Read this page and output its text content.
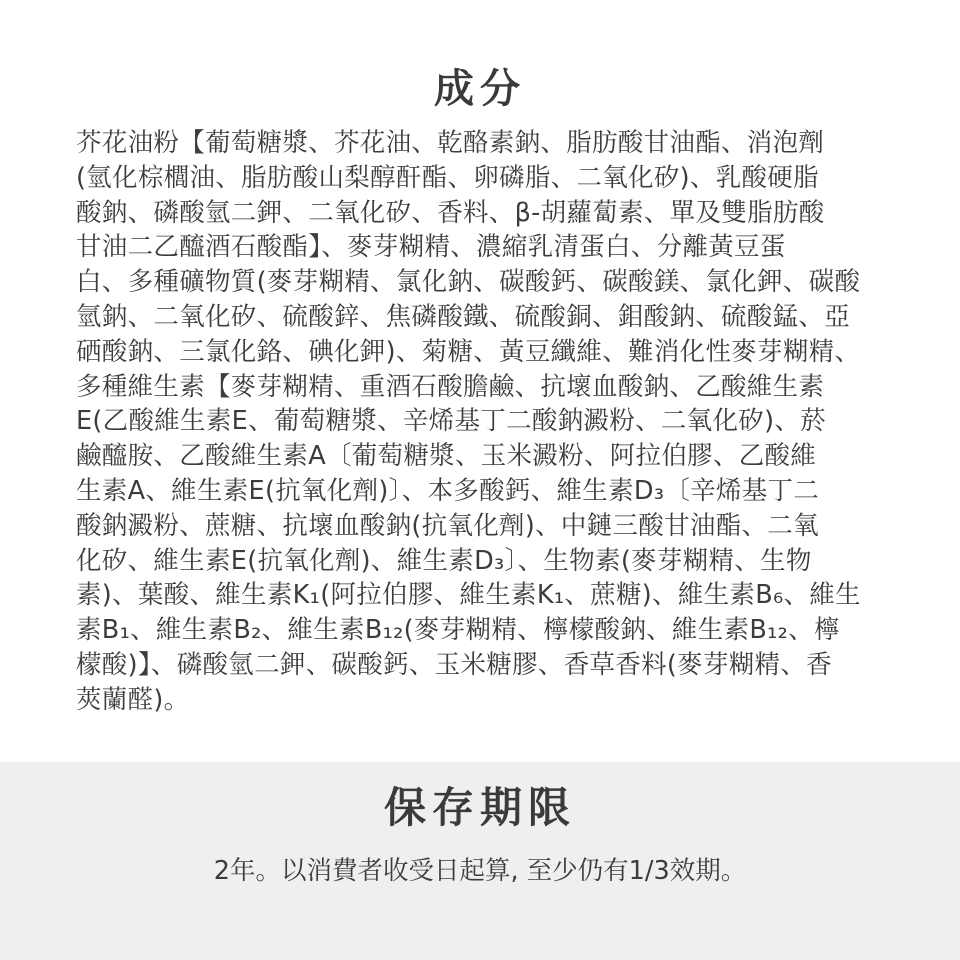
成分

芥花油粉【葡萄糖漿、芥花油、乾酪素鈉、脂肪酸甘油酯、消泡劑
(氫化棕櫚油、脂肪酸山梨醇酐酯、卵磷脂、二氧化矽)、乳酸硬脂
酸鈉、磷酸氫二鉀、二氧化矽、香料、β-胡蘿蔔素、單及雙脂肪酸
甘油二乙醯酒石酸酯】、麥芽糊精、濃縮乳清蛋白、分離黃豆蛋
白、多種礦物質(麥芽糊精、氯化鈉、碳酸鈣、碳酸鎂、氯化鉀、碳酸
氫鈉、二氧化矽、硫酸鋅、焦磷酸鐵、硫酸銅、鉬酸鈉、硫酸錳、亞
硒酸鈉、三氯化鉻、碘化鉀)、菊糖、黃豆纖維、難消化性麥芽糊精、
多種維生素【麥芽糊精、重酒石酸膽鹼、抗壞血酸鈉、乙酸維生素
E(乙酸維生素E、葡萄糖漿、辛烯基丁二酸鈉澱粉、二氧化矽)、菸
鹼醯胺、乙酸維生素A〔葡萄糖漿、玉米澱粉、阿拉伯膠、乙酸維
生素A、維生素E(抗氧化劑)〕、本多酸鈣、維生素D₃〔辛烯基丁二
酸鈉澱粉、蔗糖、抗壞血酸鈉(抗氧化劑)、中鏈三酸甘油酯、二氧
化矽、維生素E(抗氧化劑)、維生素D₃〕、生物素(麥芽糊精、生物
素)、葉酸、維生素K₁(阿拉伯膠、維生素K₁、蔗糖)、維生素B₆、維生
素B₁、維生素B₂、維生素B₁₂(麥芽糊精、檸檬酸鈉、維生素B₁₂、檸
檬酸)】、磷酸氫二鉀、碳酸鈣、玉米糖膠、香草香料(麥芽糊精、香
莢蘭醛)。

保存期限
2年。以消費者收受日起算, 至少仍有1/3效期。
